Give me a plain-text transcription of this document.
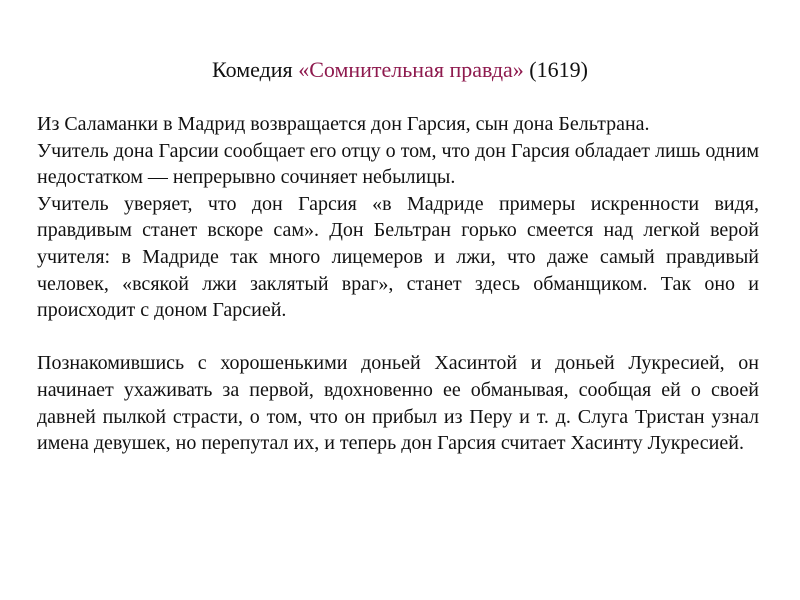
Комедия «Сомнительная правда» (1619)

Из Саламанки в Мадрид возвращается дон Гарсия, сын дона Бельтрана.

Учитель дона Гарсии сообщает его отцу о том, что дон Гарсия обладает лишь одним недостатком — непрерывно сочиняет небылицы.

Учитель уверяет, что дон Гарсия «в Мадриде примеры искренности видя, правдивым станет вскоре сам». Дон Бельтран горько смеется над легкой верой учителя: в Мадриде так много лицемеров и лжи, что даже самый правдивый человек, «всякой лжи заклятый враг», станет здесь обманщиком. Так оно и происходит с доном Гарсией.

Познакомившись с хорошенькими доньей Хасинтой и доньей Лукресией, он начинает ухаживать за первой, вдохновенно ее обманывая, сообщая ей о своей давней пылкой страсти, о том, что он прибыл из Перу и т. д. Слуга Тристан узнал имена девушек, но перепутал их, и теперь дон Гарсия считает Хасинту Лукресией.
